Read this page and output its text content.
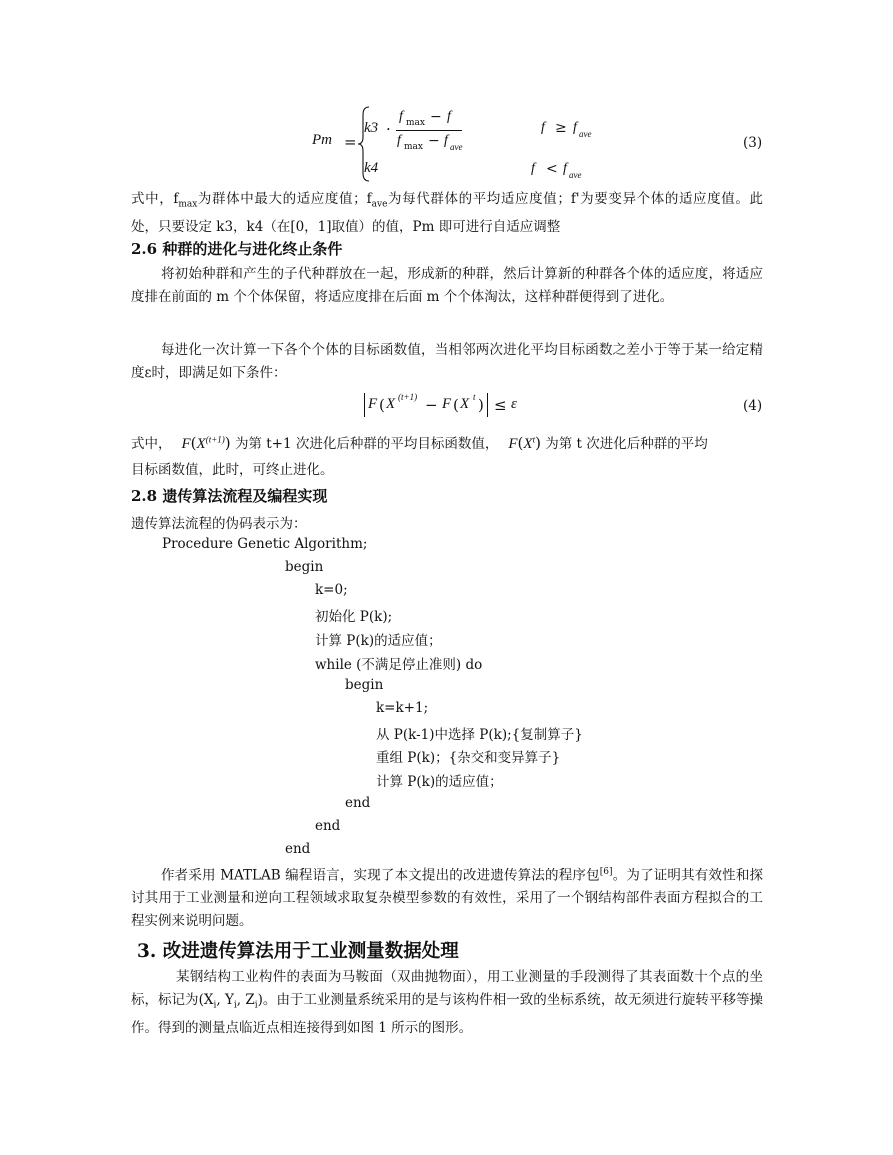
Pm =
k3 ·
f max − f
f max − f ave
f ≥ f ave
k4	f < f ave
(3)
式中，$f_{max}$为群体中最大的适应度值；$f_{ave}$为每代群体的平均适应度值；f'为要变异个体的适应度值。此处，只要设定 k3，k4（在[0，1]取值）的值，Pm 即可进行自适应调整
2.6 种群的进化与进化终止条件
将初始种群和产生的子代种群放在一起，形成新的种群，然后计算新的种群各个体的适应度，将适应度排在前面的 m 个个体保留，将适应度排在后面 m 个个体淘汰，这样种群便得到了进化。
每进化一次计算一下各个个体的目标函数值，当相邻两次进化平均目标函数之差小于等于某一给定精度ε时，即满足如下条件：
F ( X (t+1) − F ( X t ) ≤ ε	(4)
式中， $F(X^{(t+1)})$ 为第 t+1 次进化后种群的平均目标函数值， $F(X^t)$ 为第 t 次进化后种群的平均
目标函数值，此时，可终止进化。
2.8 遗传算法流程及编程实现
遗传算法流程的伪码表示为：
Procedure Genetic Algorithm;
begin
k=0;
初始化 P(k);
计算 P(k)的适应值；
while (不满足停止准则) do
begin
k=k+1;
从 P(k-1)中选择 P(k);{复制算子}
重组 P(k)；{杂交和变异算子}
计算 P(k)的适应值；
end
end
end
作者采用 MATLAB 编程语言，实现了本文提出的改进遗传算法的程序包[6]。为了证明其有效性和探讨其用于工业测量和逆向工程领域求取复杂模型参数的有效性，采用了一个钢结构部件表面方程拟合的工程实例来说明问题。
3. 改进遗传算法用于工业测量数据处理
某钢结构工业构件的表面为马鞍面（双曲抛物面），用工业测量的手段测得了其表面数十个点的坐标，标记为($X_i$, $Y_i$, $Z_i$)。由于工业测量系统采用的是与该构件相一致的坐标系统，故无须进行旋转平移等操作。得到的测量点临近点相连接得到如图 1 所示的图形。
